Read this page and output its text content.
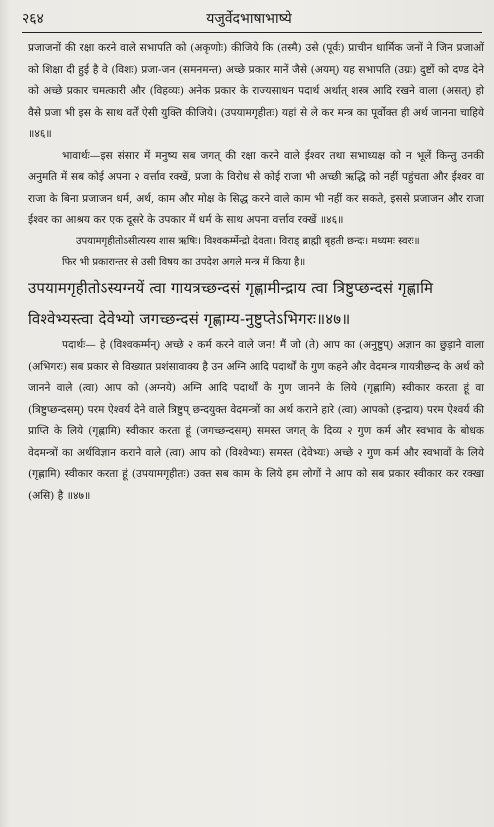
२६४	यजुर्वेदभाषाभाष्ये

प्रजाजनों की रक्षा करने वाले सभापति को (अकृणोः) कीजिये कि (तस्मै) उसे (पूर्वः) प्राचीन धार्मिक जनों ने जिन प्रजाओं को शिक्षा दी हुई है वे (विशः) प्रजा-जन (समनमन्त) अच्छे प्रकार मानें जैसे (अयम्) यह सभापति (उग्रः) दुष्टों को दण्ड देने को अच्छे प्रकार चमत्कारी और (विहव्यः) अनेक प्रकार के राज्यसाधन पदार्थ अर्थात् शस्त्र आदि रखने वाला (असत्) हो वैसे प्रजा भी इस के साथ वर्तें ऐसी युक्ति कीजिये। (उपयामगृहीतः) यहां से ले कर मन्त्र का पूर्वोक्त ही अर्थ जानना चाहिये ॥४६॥

भावार्थः—इस संसार में मनुष्य सब जगत् की रक्षा करने वाले ईश्वर तथा सभाध्यक्ष को न भूलें किन्तु उनकी अनुमति में सब कोई अपना २ वर्त्ताव रक्खें, प्रजा के विरोध से कोई राजा भी अच्छी ऋद्धि को नहीं पहुंचता और ईश्वर वा राजा के बिना प्रजाजन धर्म, अर्थ, काम और मोक्ष के सिद्ध करने वाले काम भी नहीं कर सकते, इससे प्रजाजन और राजा ईश्वर का आश्रय कर एक दूसरे के उपकार में धर्म के साथ अपना वर्त्ताव रक्खें ॥४६॥

उपयामगृहीतोऽसीत्यस्य शास ऋषिः। विश्वकर्म्मेन्द्रो देवता। विराड् ब्राह्मी बृहती छन्दः। मध्यमः स्वरः॥

फिर भी प्रकारान्तर से उसी विषय का उपदेश अगले मन्त्र में किया है॥

उपयामगृहीतोऽस्यग्नयें त्वा गायत्रच्छन्दसं गृह्णामीन्द्राय त्वा त्रिष्टुप्छन्दसं गृह्णामि विश्वेभ्यस्त्वा देवेभ्यो जगच्छन्दसं गृह्णाम्य-नुष्टुप्तेऽभिगरः॥४७॥

पदार्थः— हे (विश्वकर्म्मन्) अच्छे २ कर्म करने वाले जन! मैं जो (ते) आप का (अनुष्टुप्) अज्ञान का छुड़ाने वाला (अभिगरः) सब प्रकार से विख्यात प्रशंसावाक्य है उन अग्नि आदि पदार्थों के गुण कहने और वेदमन्त्र गायत्रीछन्द के अर्थ को जानने वाले (त्वा) आप को (अग्नये) अग्नि आदि पदार्थों के गुण जानने के लिये (गृह्णामि) स्वीकार करता हूं वा (त्रिष्टुप्छन्दसम्) परम ऐश्वर्य देने वाले त्रिष्टुप् छन्दयुक्त वेदमन्त्रों का अर्थ कराने हारे (त्वा) आपको (इन्द्राय) परम ऐश्वर्य की प्राप्ति के लिये (गृह्णामि) स्वीकार करता हूं (जगच्छन्दसम्) समस्त जगत् के दिव्य २ गुण कर्म और स्वभाव के बोधक वेदमन्त्रों का अर्थविज्ञान कराने वाले (त्वा) आप को (विश्वेभ्यः) समस्त (देवेभ्यः) अच्छे २ गुण कर्म और स्वभावों के लिये (गृह्णामि) स्वीकार करता हूं (उपयामगृहीतः) उक्त सब काम के लिये हम लोगों ने आप को सब प्रकार स्वीकार कर रक्खा (असि) है ॥४७॥
